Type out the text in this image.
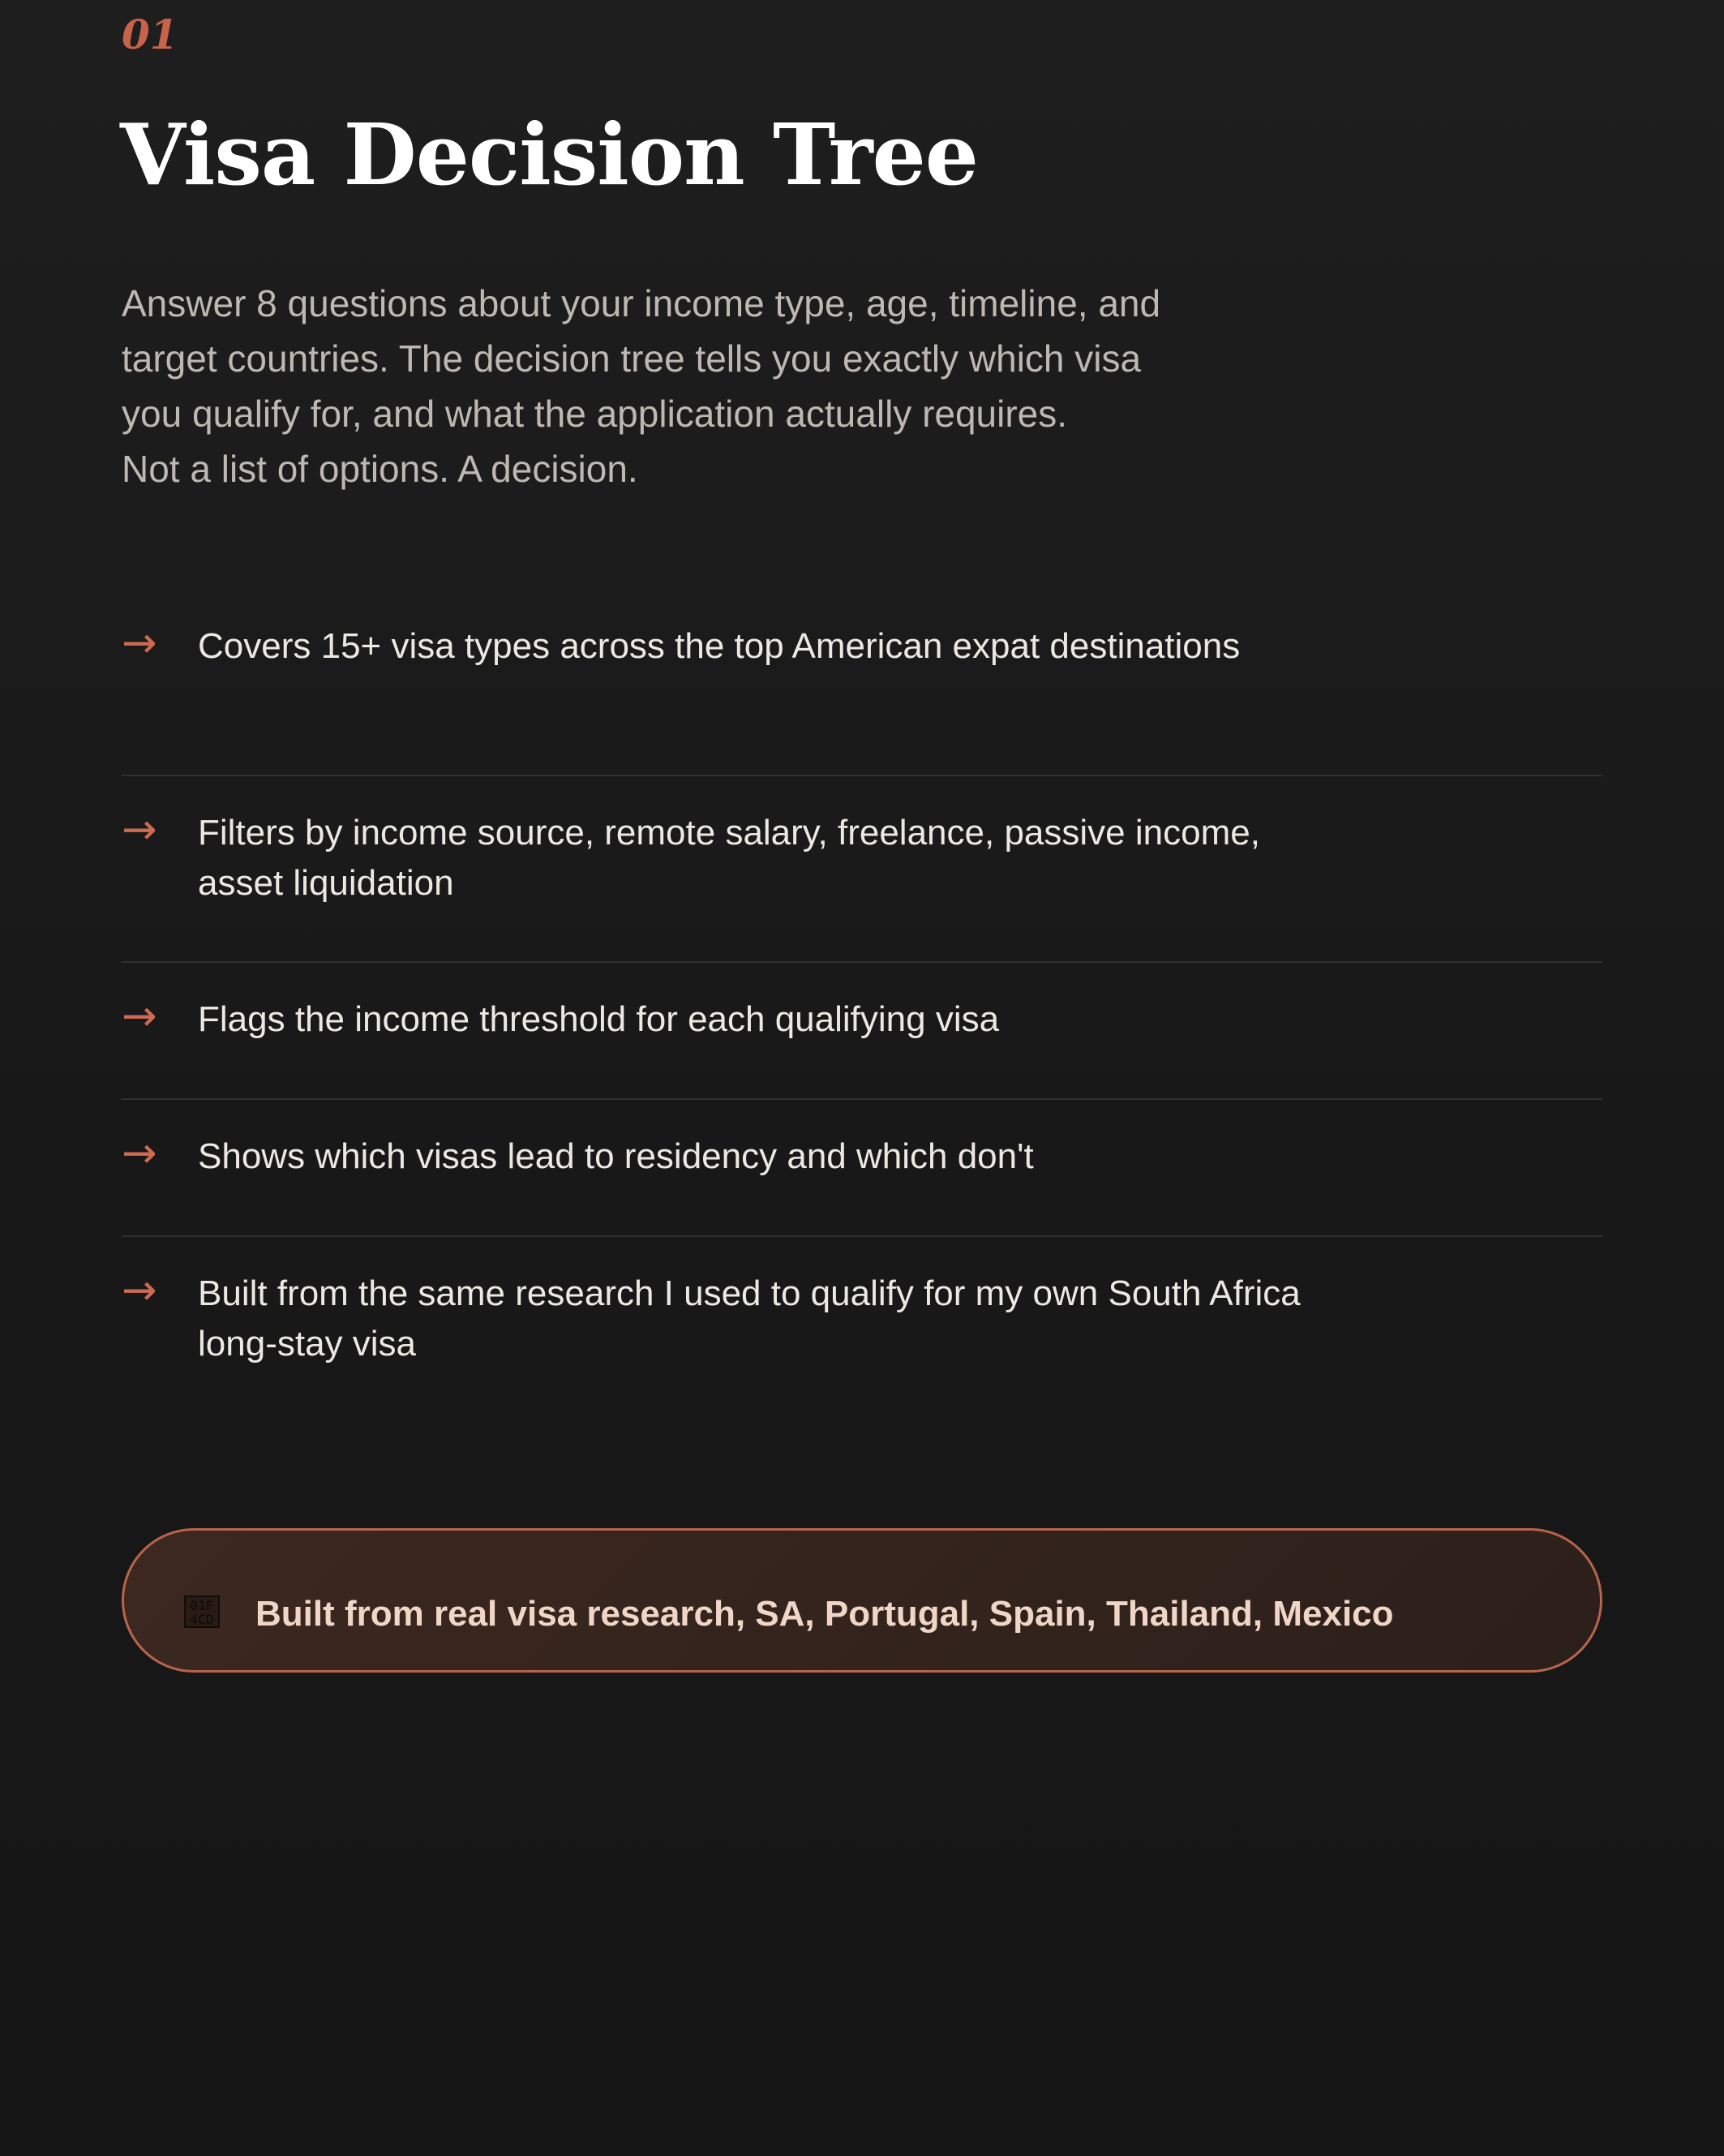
01
Visa Decision Tree

Answer 8 questions about your income type, age, timeline, and
target countries. The decision tree tells you exactly which visa
you qualify for, and what the application actually requires.
Not a list of options. A decision.

→ Covers 15+ visa types across the top American expat destinations
→ Filters by income source, remote salary, freelance, passive income, asset liquidation
→ Flags the income threshold for each qualifying visa
→ Shows which visas lead to residency and which don't
→ Built from the same research I used to qualify for my own South Africa long-stay visa
01F
4CD Built from real visa research, SA, Portugal, Spain, Thailand, Mexico
